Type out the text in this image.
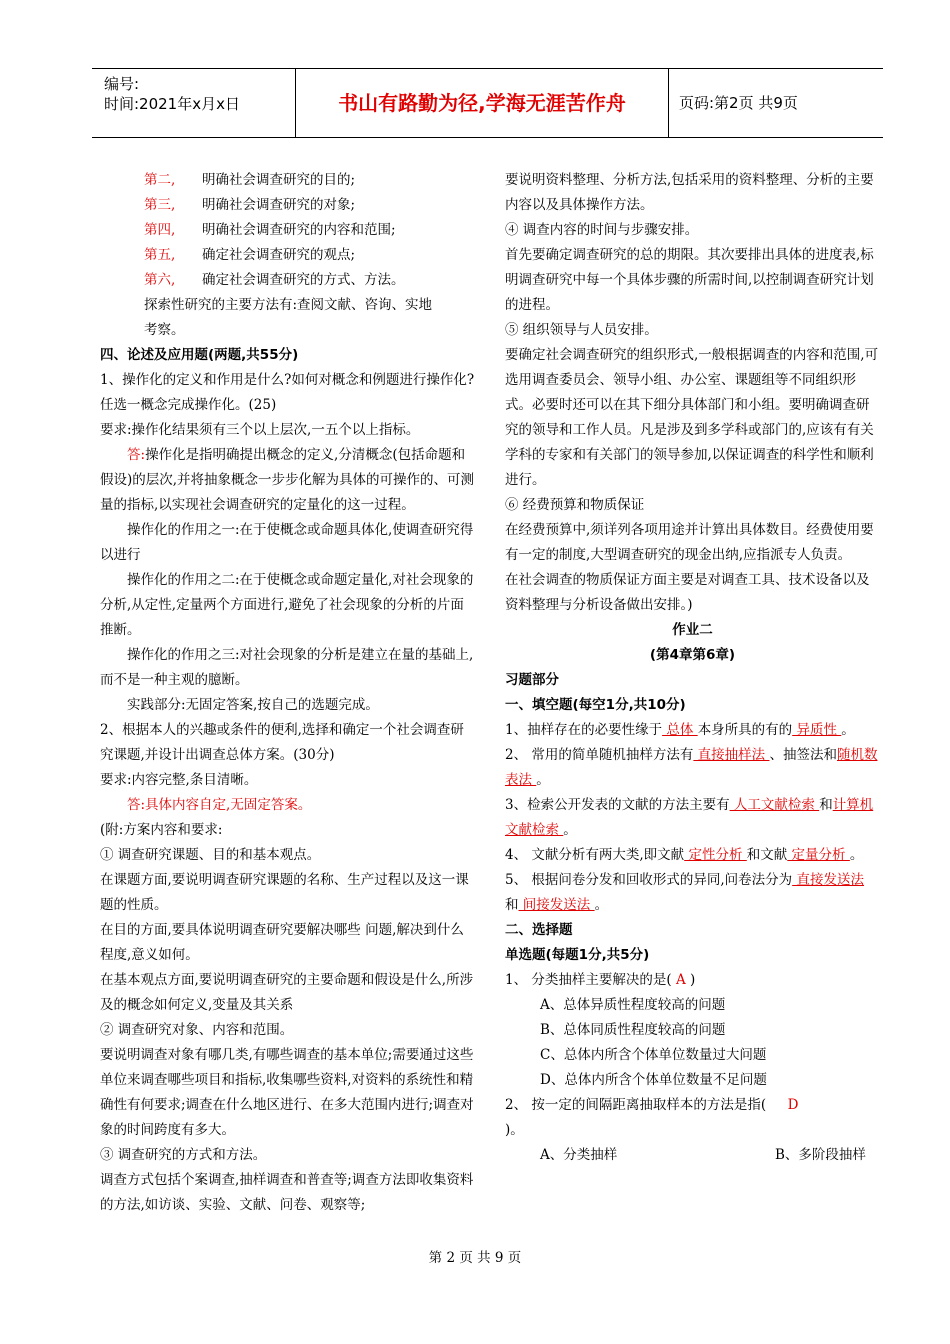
编号:
时间:2021年x月x日	书山有路勤为径,学海无涯苦作舟	页码:第2页 共9页
第二,	明确社会调查研究的目的;
第三,	明确社会调查研究的对象;
第四,	明确社会调查研究的内容和范围;
第五,	确定社会调查研究的观点;
第六,	确定社会调查研究的方式、方法。

探索性研究的主要方法有:查阅文献、咨询、实地

考察。

四、论述及应用题(两题,共55分)

1、操作化的定义和作用是什么?如何对概念和例题进行操作化?任选一概念完成操作化。(25)

要求:操作化结果须有三个以上层次,一五个以上指标。

答:操作化是指明确提出概念的定义,分清概念(包括命题和假设)的层次,并将抽象概念一步步化解为具体的可操作的、可测量的指标,以实现社会调查研究的定量化的这一过程。

操作化的作用之一:在于使概念或命题具体化,使调查研究得以进行

操作化的作用之二:在于使概念或命题定量化,对社会现象的分析,从定性,定量两个方面进行,避免了社会现象的分析的片面推断。

操作化的作用之三:对社会现象的分析是建立在量的基础上,而不是一种主观的臆断。

实践部分:无固定答案,按自己的选题完成。

2、根据本人的兴趣或条件的便利,选择和确定一个社会调查研究课题,并设计出调查总体方案。(30分)

要求:内容完整,条目清晰。

答:具体内容自定,无固定答案。

(附:方案内容和要求:

① 调查研究课题、目的和基本观点。

在课题方面,要说明调查研究课题的名称、生产过程以及这一课题的性质。

在目的方面,要具体说明调查研究要解决哪些 问题,解决到什么程度,意义如何。

在基本观点方面,要说明调查研究的主要命题和假设是什么,所涉及的概念如何定义,变量及其关系

② 调查研究对象、内容和范围。

要说明调查对象有哪几类,有哪些调查的基本单位;需要通过这些单位来调查哪些项目和指标,收集哪些资料,对资料的系统性和精确性有何要求;调查在什么地区进行、在多大范围内进行;调查对象的时间跨度有多大。

③ 调查研究的方式和方法。

调查方式包括个案调查,抽样调查和普查等;调查方法即收集资料的方法,如访谈、实验、文献、问卷、观察等;

要说明资料整理、分析方法,包括采用的资料整理、分析的主要内容以及具体操作方法。

④ 调查内容的时间与步骤安排。

首先要确定调查研究的总的期限。其次要排出具体的进度表,标明调查研究中每一个具体步骤的所需时间,以控制调查研究计划的进程。

⑤ 组织领导与人员安排。

要确定社会调查研究的组织形式,一般根据调查的内容和范围,可选用调查委员会、领导小组、办公室、课题组等不同组织形式。必要时还可以在其下细分具体部门和小组。要明确调查研究的领导和工作人员。凡是涉及到多学科或部门的,应该有有关学科的专家和有关部门的领导参加,以保证调查的科学性和顺利进行。

⑥ 经费预算和物质保证

在经费预算中,须详列各项用途并计算出具体数目。经费使用要有一定的制度,大型调查研究的现金出纳,应指派专人负责。

在社会调查的物质保证方面主要是对调查工具、技术设备以及资料整理与分析设备做出安排。)

作业二

(第4章第6章)

习题部分

一、填空题(每空1分,共10分)

1、抽样存在的必要性缘于 总体 本身所具的有的 异质性 。

2、 常用的简单随机抽样方法有 直接抽样法 、抽签法和随机数表法 。

3、检索公开发表的文献的方法主要有 人工文献检索 和计算机文献检索 。

4、 文献分析有两大类,即文献 定性分析 和文献 定量分析 。

5、 根据问卷分发和回收形式的异同,问卷法分为 直接发送法 和 间接发送法 。

二、选择题

单选题(每题1分,共5分)

1、 分类抽样主要解决的是( A )

A、总体异质性程度较高的问题

B、总体同质性程度较高的问题

C、总体内所含个体单位数量过大问题

D、总体内所含个体单位数量不足问题

2、 按一定的间隔距离抽取样本的方法是指( D

)。

A、分类抽样	B、多阶段抽样
第 2 页 共 9 页
